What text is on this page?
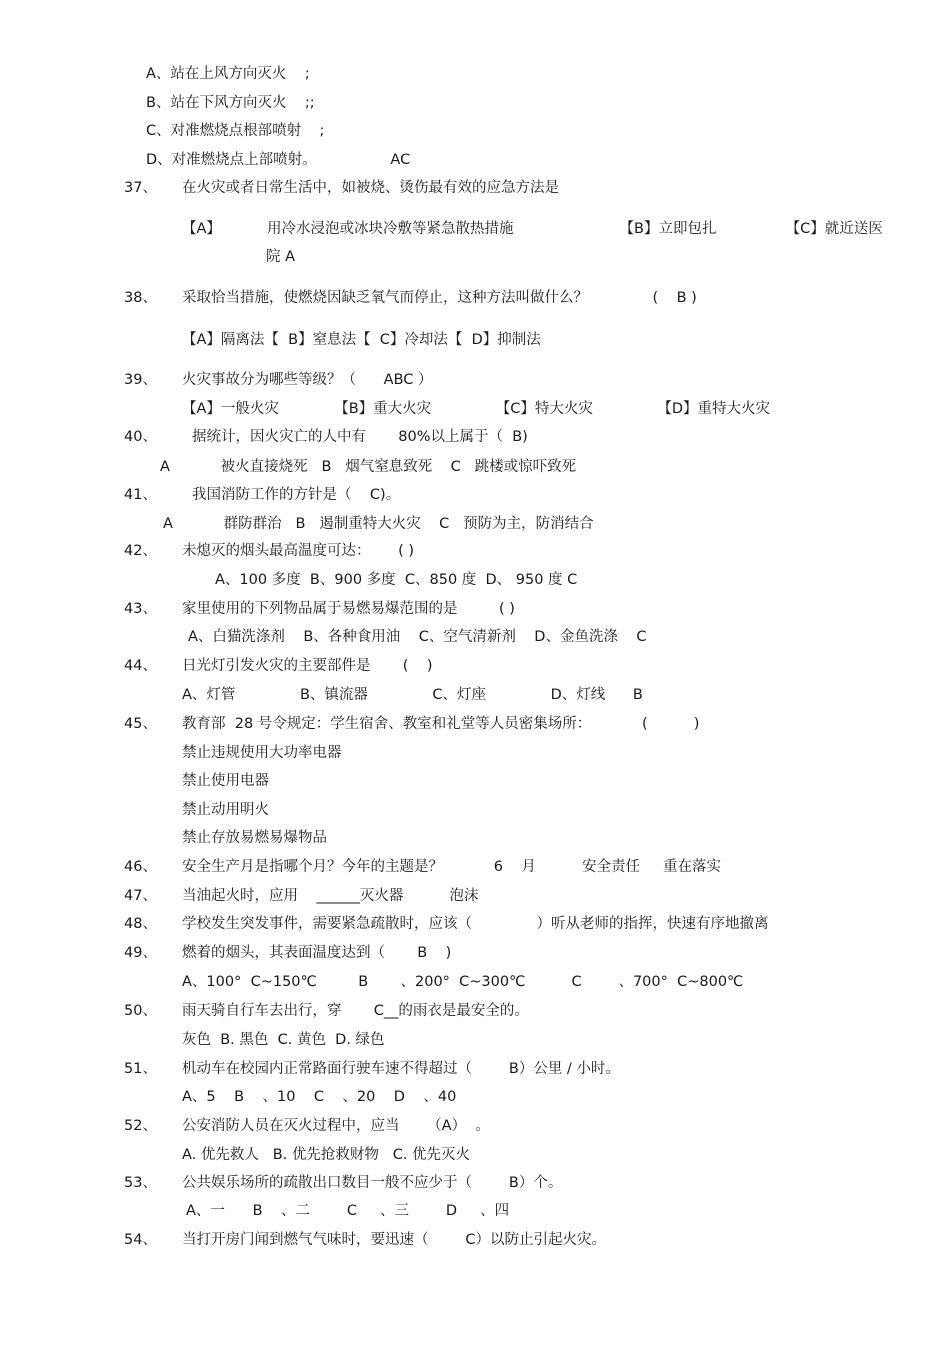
A、站在上风方向灭火    ;
B、站在下风方向灭火    ;;
C、对准燃烧点根部喷射    ;
D、对准燃烧点上部喷射。                AC
37、 在火灾或者日常生活中，如被烧、烫伤最有效的应急方法是
【A】          用冷水浸泡或冰块冷敷等紧急散热措施                       【B】立即包扎               【C】就近送医
院 A
38、 采取恰当措施，使燃烧因缺乏氧气而停止，这种方法叫做什么？              (    B )
【A】隔离法【  B】窒息法【  C】冷却法【  D】抑制法
39、 火灾事故分为哪些等级？（      ABC ）
【A】一般火灾            【B】重大火灾              【C】特大火灾              【D】重特大火灾
40、 据统计，因火灾亡的人中有       80%以上属于（  B)
A           被火直接烧死   B   烟气窒息致死    C   跳楼或惊吓致死
41、 我国消防工作的方针是（    C)。
A           群防群治   B   遏制重特大火灾    C   预防为主，防消结合
42、 未熄灭的烟头最高温度可达：      ( )
A、100 多度  B、900 多度  C、850 度  D、 950 度 C
43、 家里使用的下列物品属于易燃易爆范围的是         ( )
A、白猫洗涤剂    B、各种食用油    C、空气清新剂    D、金鱼洗涤    C
44、 日光灯引发火灾的主要部件是       (    )
A、灯管              B、镇流器              C、灯座              D、灯线      B
45、 教育部  28 号令规定：学生宿舍、教室和礼堂等人员密集场所：           (          )
禁止违规使用大功率电器
禁止使用电器
禁止动用明火
禁止存放易燃易爆物品
46、 安全生产月是指哪个月？今年的主题是？           6    月          安全责任     重在落实
47、 当油起火时，应用    ______灭火器          泡沫
48、 学校发生突发事件，需要紧急疏散时，应该（              ）听从老师的指挥，快速有序地撤离
49、 燃着的烟头，其表面温度达到（       B    )
A、100°  C~150℃         B       、200°  C~300℃          C        、700°  C~800℃
50、 雨天骑自行车去出行，穿       C__的雨衣是最安全的。
灰色  B. 黑色  C. 黄色  D. 绿色
51、 机动车在校园内正常路面行驶车速不得超过（        B）公里 / 小时。
A、5    B    、10    C    、20    D    、40
52、 公安消防人员在灭火过程中，应当      （A）  。
A. 优先救人   B. 优先抢救财物   C. 优先灭火
53、 公共娱乐场所的疏散出口数目一般不应少于（        B）个。
A、一      B    、二        C     、三        D     、四
54、 当打开房门闻到燃气气味时，要迅速（        C）以防止引起火灾。
